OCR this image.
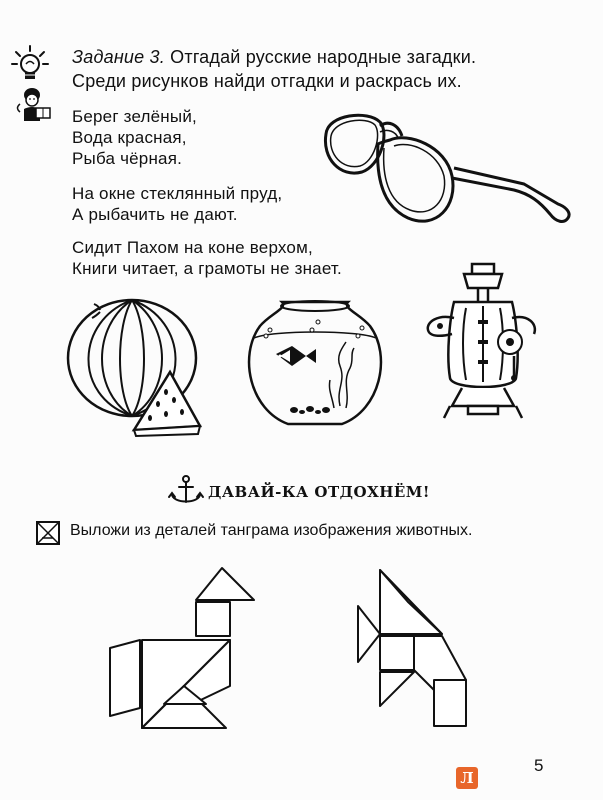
Задание 3. Отгадай русские народные загадки.
Среди рисунков найди отгадки и раскрась их.
Берег зелёный,
Вода красная,
Рыба чёрная.
На окне стеклянный пруд,
А рыбачить не дают.
Сидит Пахом на коне верхом,
Книги читает, а грамоты не знает.
ДАВАЙ-КА ОТДОХНЁМ!
Выложи из деталей танграма изображения животных.
5
Л
